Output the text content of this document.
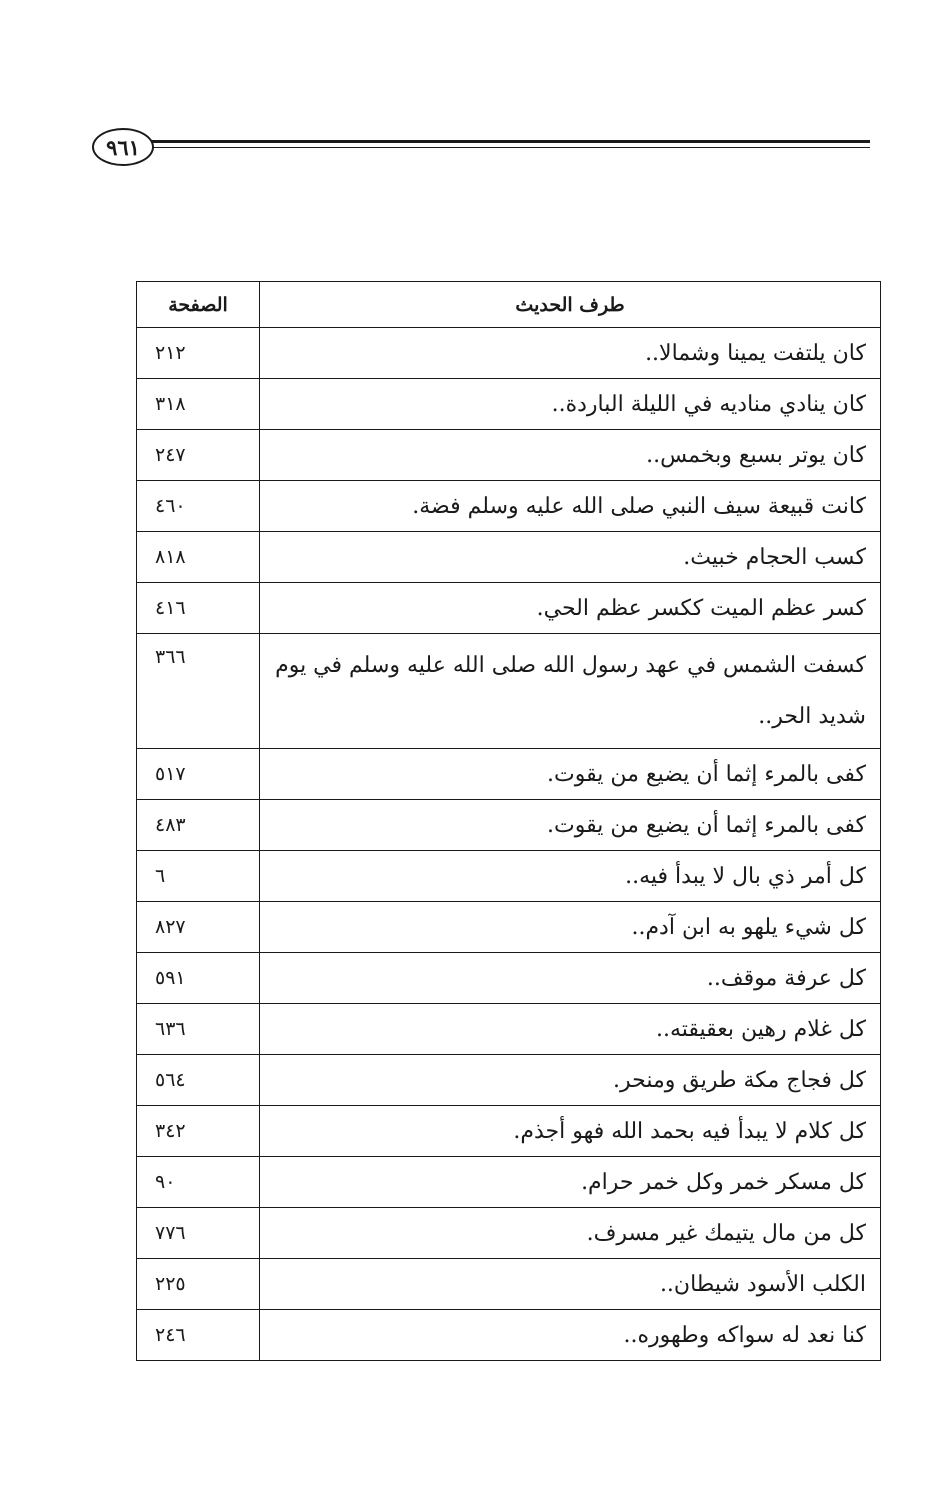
٩٦١
طرف الحديث	الصفحة
كان يلتفت يمينا وشمالا..	٢١٢
كان ينادي مناديه في الليلة الباردة..	٣١٨
كان يوتر بسبع وبخمس..	٢٤٧
كانت قبيعة سيف النبي صلى الله عليه وسلم فضة.	٤٦٠
كسب الحجام خبيث.	٨١٨
كسر عظم الميت ككسر عظم الحي.	٤١٦
كسفت الشمس في عهد رسول الله صلى الله عليه وسلم في يوم شديد الحر..	٣٦٦
كفى بالمرء إثما أن يضيع من يقوت.	٥١٧
كفى بالمرء إثما أن يضيع من يقوت.	٤٨٣
كل أمر ذي بال لا يبدأ فيه..	٦
كل شيء يلهو به ابن آدم..	٨٢٧
كل عرفة موقف..	٥٩١
كل غلام رهين بعقيقته..	٦٣٦
كل فجاج مكة طريق ومنحر.	٥٦٤
كل كلام لا يبدأ فيه بحمد الله فهو أجذم.	٣٤٢
كل مسكر خمر وكل خمر حرام.	٩٠
كل من مال يتيمك غير مسرف.	٧٧٦
الكلب الأسود شيطان..	٢٢٥
كنا نعد له سواكه وطهوره..	٢٤٦
